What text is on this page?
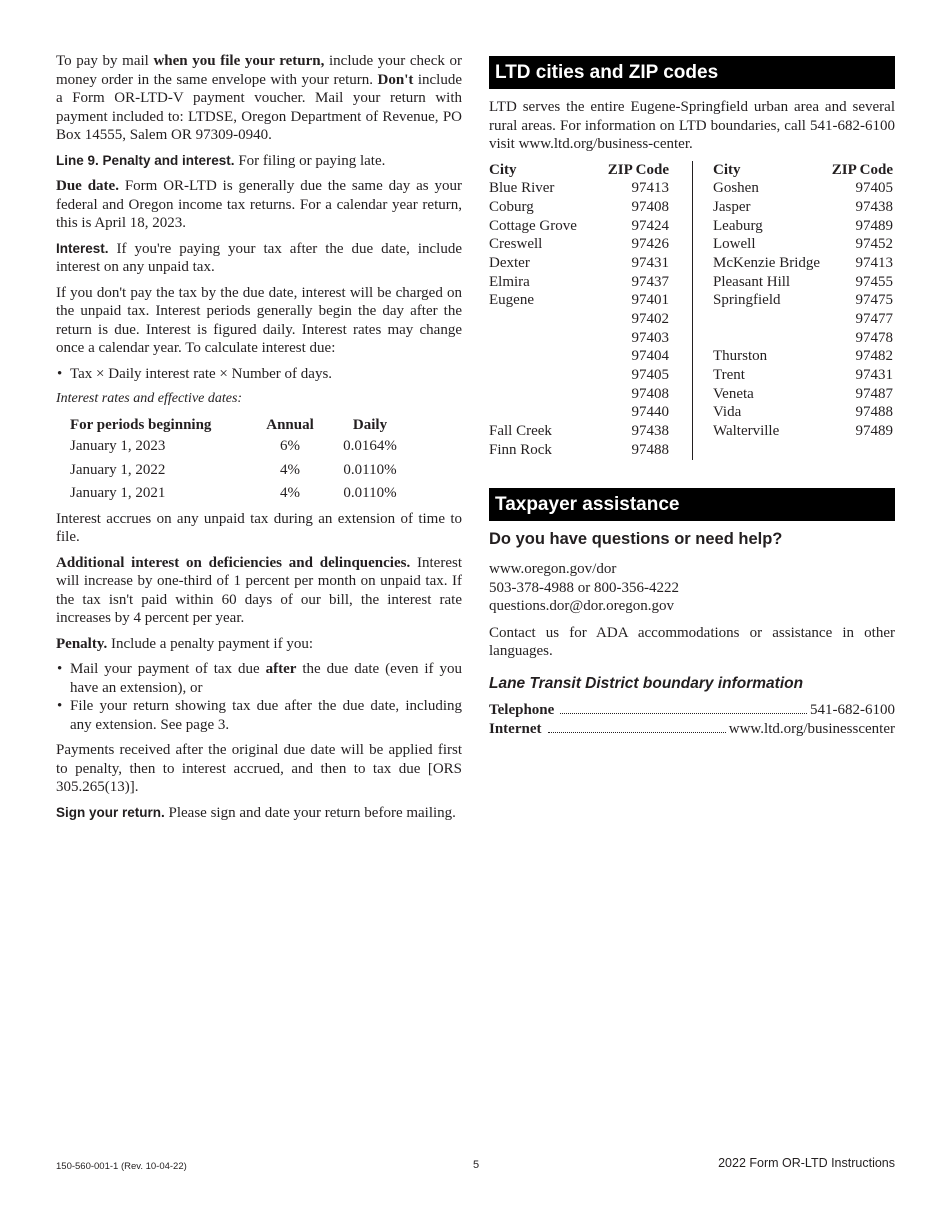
To pay by mail when you file your return, include your check or money order in the same envelope with your return. Don't include a Form OR-LTD-V payment voucher. Mail your return with payment included to: LTDSE, Oregon Department of Revenue, PO Box 14555, Salem OR 97309-0940.

Line 9. Penalty and interest. For filing or paying late.

Due date. Form OR-LTD is generally due the same day as your federal and Oregon income tax returns. For a calendar year return, this is April 18, 2023.

Interest. If you're paying your tax after the due date, include interest on any unpaid tax.

If you don't pay the tax by the due date, interest will be charged on the unpaid tax. Interest periods generally begin the day after the return is due. Interest is figured daily. Interest rates may change once a calendar year. To calculate interest due:

• Tax × Daily interest rate × Number of days.

Interest rates and effective dates:

For periods beginning	Annual	Daily
January 1, 2023	6%	0.0164%
January 1, 2022	4%	0.0110%
January 1, 2021	4%	0.0110%

Interest accrues on any unpaid tax during an extension of time to file.

Additional interest on deficiencies and delinquencies. Interest will increase by one-third of 1 percent per month on unpaid tax. If the tax isn't paid within 60 days of our bill, the interest rate increases by 4 percent per year.

Penalty. Include a penalty payment if you:

• Mail your payment of tax due after the due date (even if you have an extension), or
• File your return showing tax due after the due date, including any extension. See page 3.

Payments received after the original due date will be applied first to penalty, then to interest accrued, and then to tax due [ORS 305.265(13)].

Sign your return. Please sign and date your return before mailing.

LTD cities and ZIP codes

LTD serves the entire Eugene-Springfield urban area and several rural areas. For information on LTD boundaries, call 541-682-6100 visit www.ltd.org/business-center.

City	ZIP Code
Blue River	97413
Coburg	97408
Cottage Grove	97424
Creswell	97426
Dexter	97431
Elmira	97437
Eugene	97401
97402
97403
97404
97405
97408
97440
Fall Creek	97438
Finn Rock	97488
City	ZIP Code
Goshen	97405
Jasper	97438
Leaburg	97489
Lowell	97452
McKenzie Bridge 97413
Pleasant Hill	97455
Springfield	97475
97477
97478
Thurston	97482
Trent	97431
Veneta	97487
Vida	97488
Walterville	97489
Taxpayer assistance
Do you have questions or need help?

www.oregon.gov/dor

503-378-4988 or 800-356-4222

questions.dor@dor.oregon.gov

Contact us for ADA accommodations or assistance in other languages.

Lane Transit District boundary information
Telephone	541-682-6100
Internet	www.ltd.org/businesscenter
150-560-001-1 (Rev. 10-04-22)	5	2022 Form OR-LTD Instructions
